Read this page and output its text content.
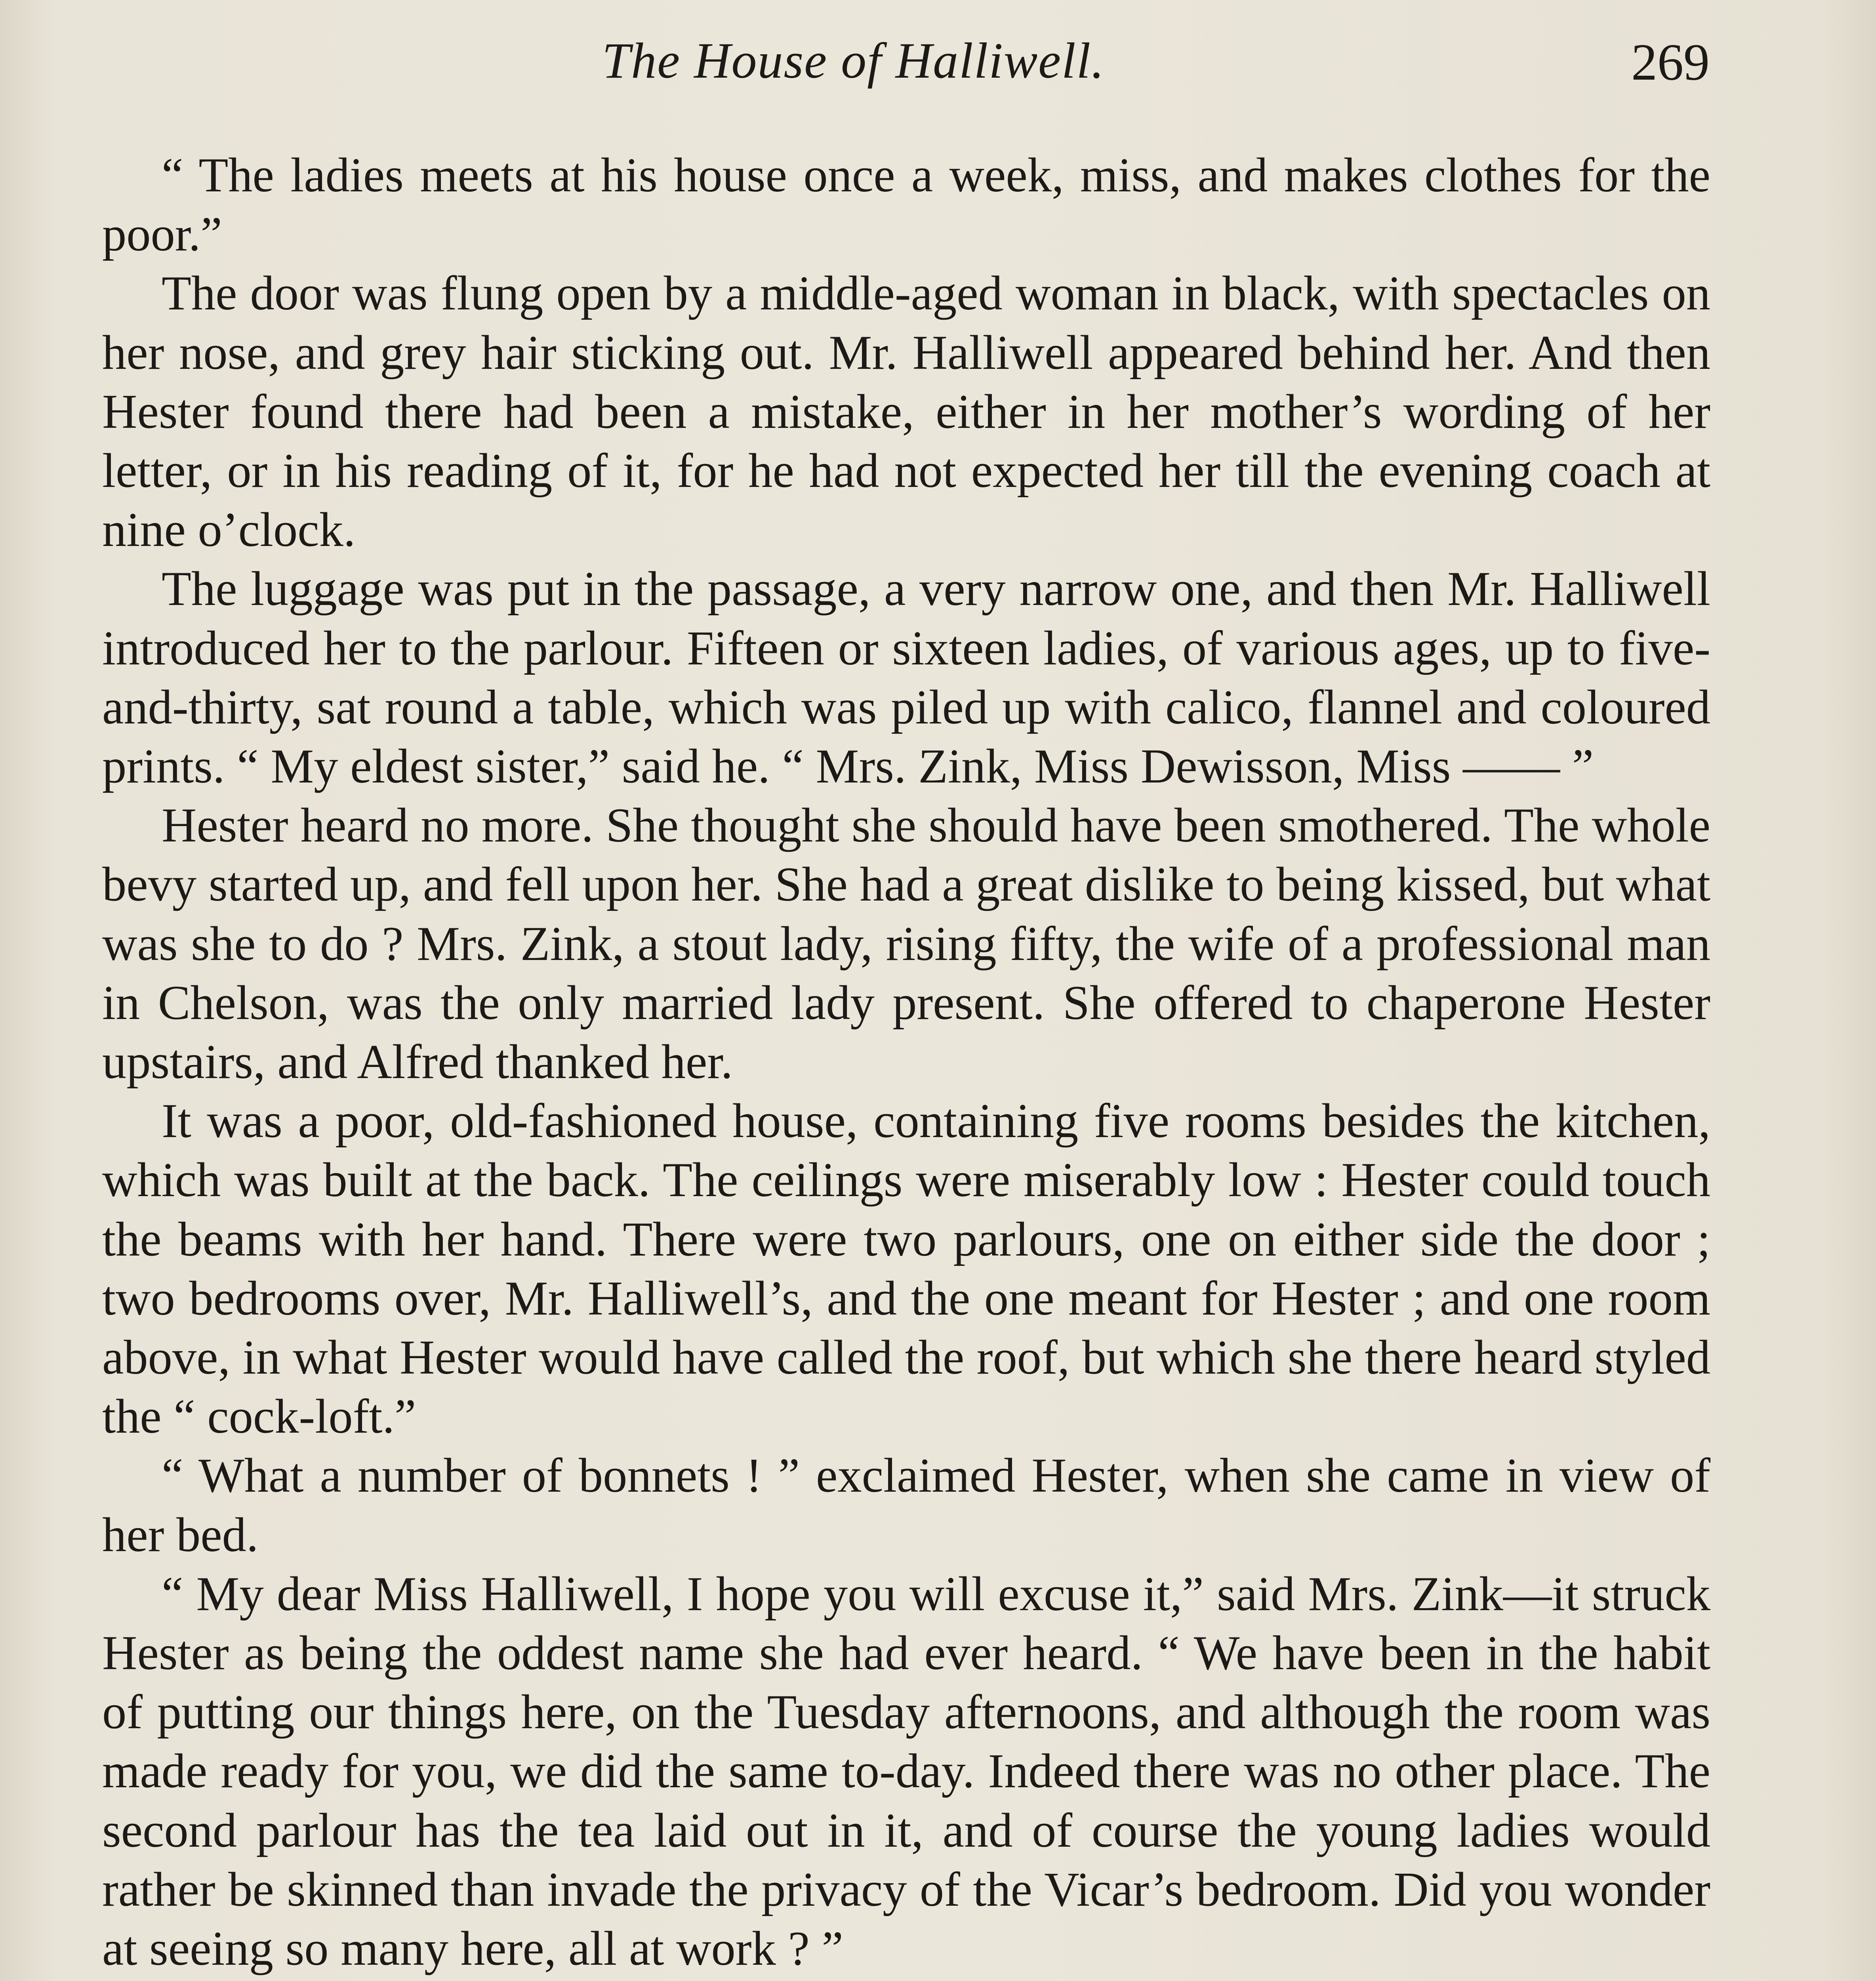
The House of Halliwell.	269

“ The ladies meets at his house once a week, miss, and makes clothes for the poor.”

The door was flung open by a middle-aged woman in black, with spectacles on her nose, and grey hair sticking out. Mr. Halliwell appeared behind her. And then Hester found there had been a mistake, either in her mother’s wording of her letter, or in his reading of it, for he had not expected her till the evening coach at nine o’clock.

The luggage was put in the passage, a very narrow one, and then Mr. Halliwell introduced her to the parlour. Fifteen or sixteen ladies, of various ages, up to five-and-thirty, sat round a table, which was piled up with calico, flannel and coloured prints. “ My eldest sister,” said he. “ Mrs. Zink, Miss Dewisson, Miss —— ”

Hester heard no more. She thought she should have been smothered. The whole bevy started up, and fell upon her. She had a great dislike to being kissed, but what was she to do ? Mrs. Zink, a stout lady, rising fifty, the wife of a professional man in Chelson, was the only married lady present. She offered to chaperone Hester upstairs, and Alfred thanked her.

It was a poor, old-fashioned house, containing five rooms besides the kitchen, which was built at the back. The ceilings were miserably low : Hester could touch the beams with her hand. There were two parlours, one on either side the door ; two bedrooms over, Mr. Halliwell’s, and the one meant for Hester ; and one room above, in what Hester would have called the roof, but which she there heard styled the “ cock-loft.”

“ What a number of bonnets ! ” exclaimed Hester, when she came in view of her bed.

“ My dear Miss Halliwell, I hope you will excuse it,” said Mrs. Zink—it struck Hester as being the oddest name she had ever heard. “ We have been in the habit of putting our things here, on the Tuesday afternoons, and although the room was made ready for you, we did the same to-day. Indeed there was no other place. The second parlour has the tea laid out in it, and of course the young ladies would rather be skinned than invade the privacy of the Vicar’s bedroom. Did you wonder at seeing so many here, all at work ? ”
